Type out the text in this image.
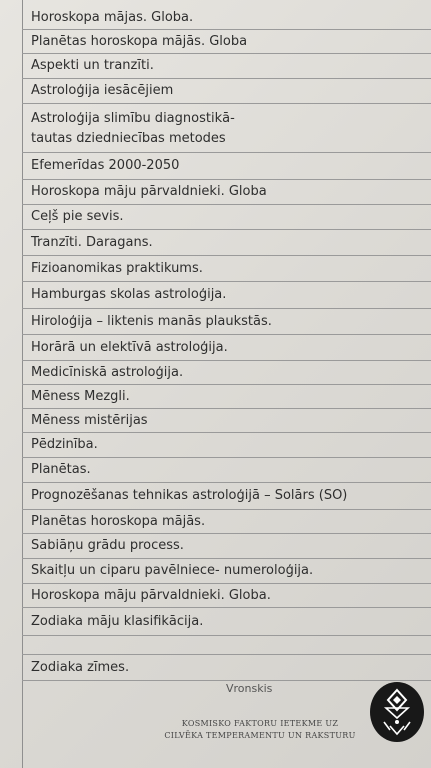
Horoskopa mājas. Globa.
Planētas horoskopa mājās. Globa
Aspekti un tranzīti.
Astroloģija iesācējiem
Astroloģija slimību diagnostikā-
tautas dziedniecības metodes
Efemerīdas 2000-2050
Horoskopa māju pārvaldnieki. Globa
Ceļš pie sevis.
Tranzīti. Daragans.
Fizioanomikas praktikums.
Hamburgas skolas astroloģija.
Hiroloģija – liktenis manās plaukstās.
Horārā un elektīvā astroloģija.
Medicīniskā astroloģija.
Mēness Mezgli.
Mēness mistērijas
Pēdzinība.
Planētas.
Prognozēšanas tehnikas astroloģijā – Solārs (SO)
Planētas horoskopa mājās.
Sabiāņu grādu process.
Skaitļu un ciparu pavēlniece- numeroloģija.
Horoskopa māju pārvaldnieki. Globa.
Zodiaka māju klasifikācija.
Zodiaka zīmes.
Vronskis
KOSMISKO FAKTORU IETEKME UZ
CILVĒKA TEMPERAMENTU UN RAKSTURU
